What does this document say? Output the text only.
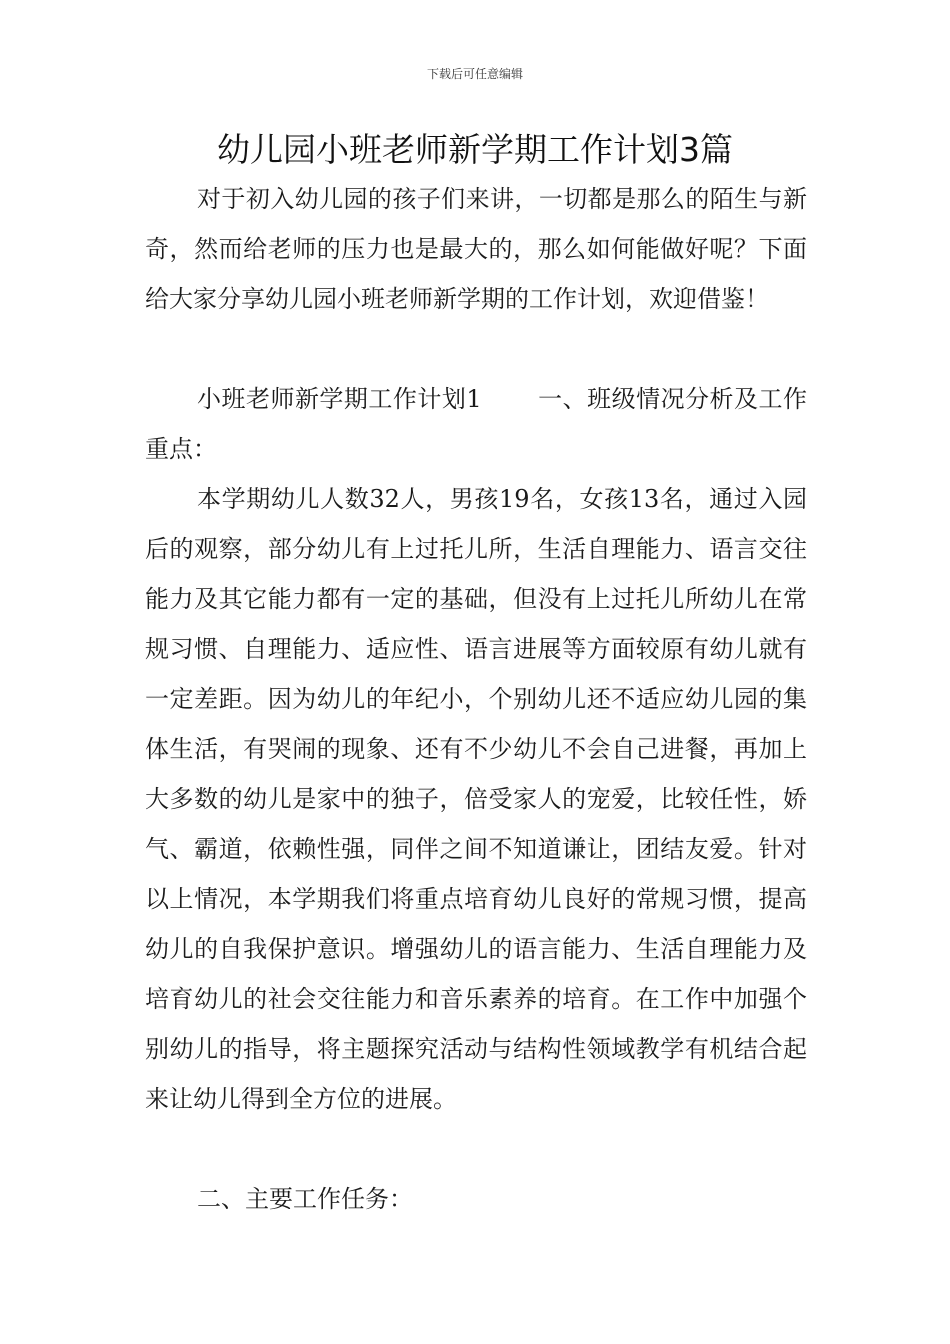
下载后可任意编辑
幼儿园小班老师新学期工作计划3篇

对于初入幼儿园的孩子们来讲，一切都是那么的陌生与新奇，然而给老师的压力也是最大的，那么如何能做好呢？下面给大家分享幼儿园小班老师新学期的工作计划，欢迎借鉴！

小班老师新学期工作计划1 一、班级情况分析及工作重点：

本学期幼儿人数32人，男孩19名，女孩13名，通过入园后的观察，部分幼儿有上过托儿所，生活自理能力、语言交往能力及其它能力都有一定的基础，但没有上过托儿所幼儿在常规习惯、自理能力、适应性、语言进展等方面较原有幼儿就有一定差距。因为幼儿的年纪小，个别幼儿还不适应幼儿园的集体生活，有哭闹的现象、还有不少幼儿不会自己进餐，再加上大多数的幼儿是家中的独子，倍受家人的宠爱，比较任性，娇气、霸道，依赖性强，同伴之间不知道谦让，团结友爱。针对以上情况，本学期我们将重点培育幼儿良好的常规习惯，提高幼儿的自我保护意识。增强幼儿的语言能力、生活自理能力及培育幼儿的社会交往能力和音乐素养的培育。在工作中加强个别幼儿的指导，将主题探究活动与结构性领域教学有机结合起来让幼儿得到全方位的进展。

二、主要工作任务：
